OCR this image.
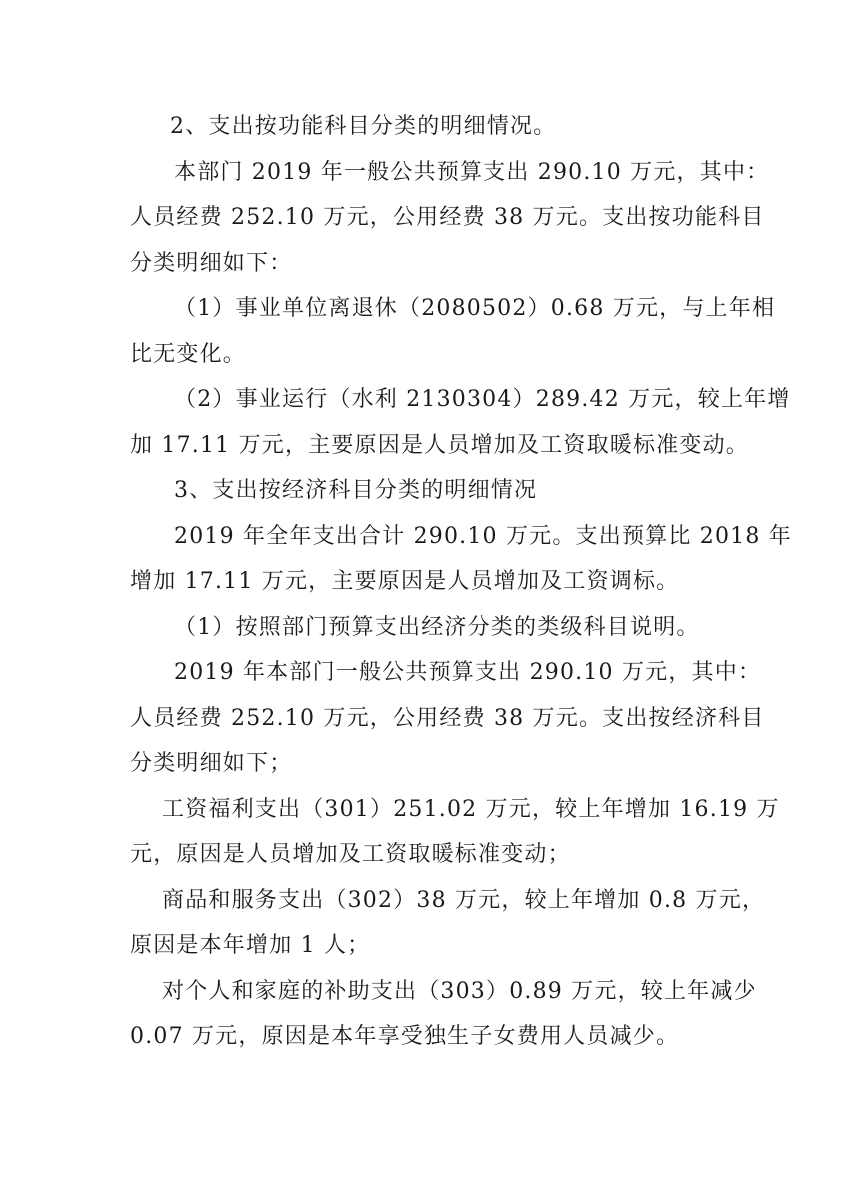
2、支出按功能科目分类的明细情况。
本部门 2019 年一般公共预算支出 290.10 万元，其中：
人员经费 252.10 万元，公用经费 38 万元。支出按功能科目
分类明细如下：
（1）事业单位离退休（2080502）0.68 万元，与上年相
比无变化。
（2）事业运行（水利 2130304）289.42 万元，较上年增
加 17.11 万元，主要原因是人员增加及工资取暖标准变动。
3、支出按经济科目分类的明细情况
2019 年全年支出合计 290.10 万元。支出预算比 2018 年
增加 17.11 万元，主要原因是人员增加及工资调标。
（1）按照部门预算支出经济分类的类级科目说明。
2019 年本部门一般公共预算支出 290.10 万元，其中：
人员经费 252.10 万元，公用经费 38 万元。支出按经济科目
分类明细如下；
工资福利支出（301）251.02 万元，较上年增加 16.19 万
元，原因是人员增加及工资取暖标准变动；
商品和服务支出（302）38 万元，较上年增加 0.8 万元，
原因是本年增加 1 人；
对个人和家庭的补助支出（303）0.89 万元，较上年减少
0.07 万元，原因是本年享受独生子女费用人员减少。
